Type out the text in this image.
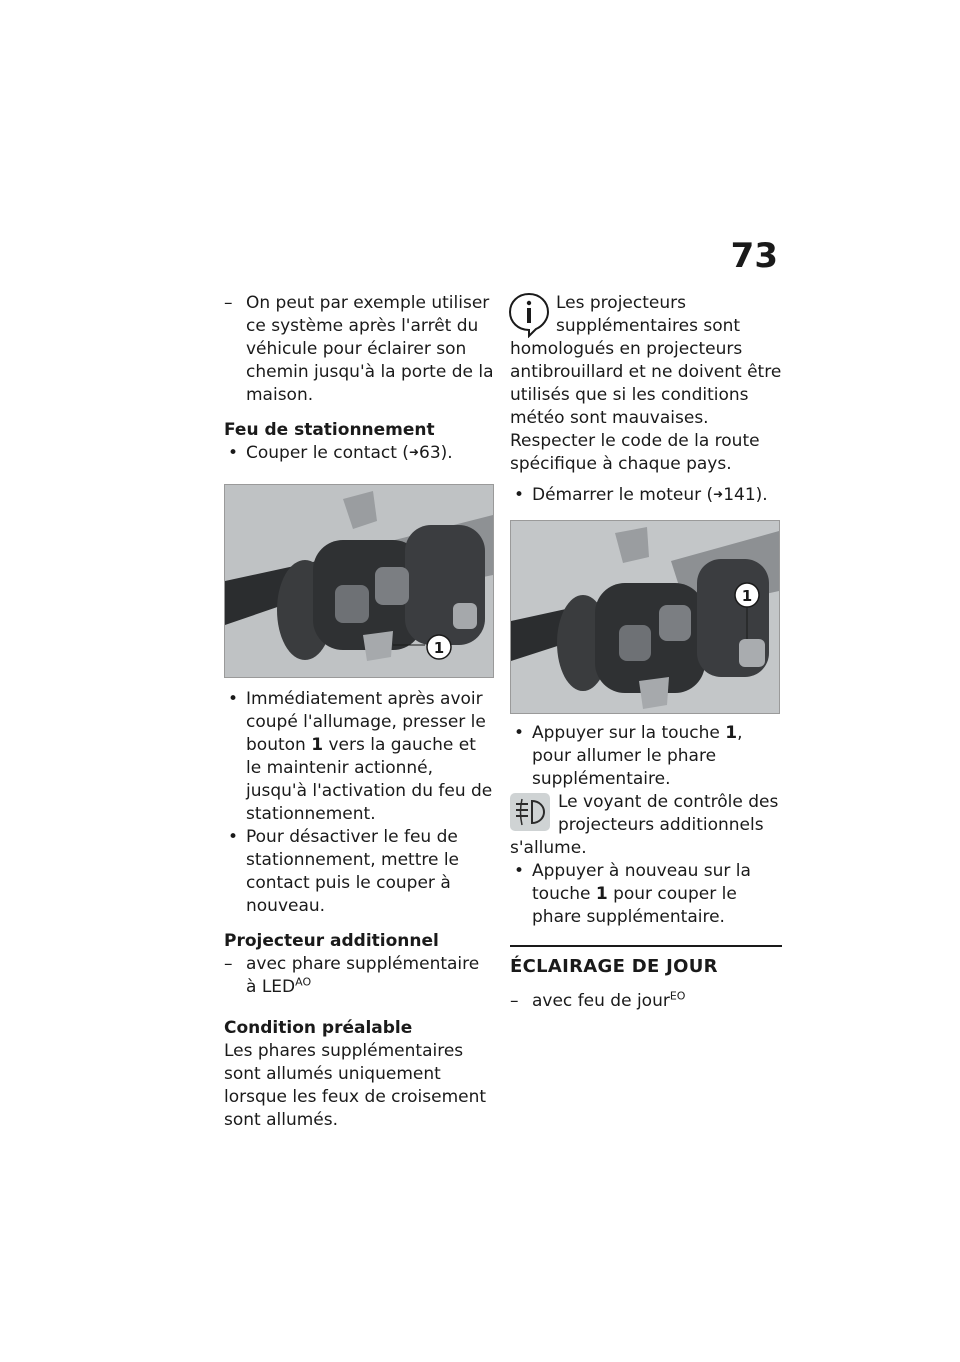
73
– On peut par exemple utiliser ce système après l'arrêt du véhicule pour éclairer son chemin jusqu'à la porte de la maison.
Feu de stationnement
• Couper le contact (➜63).
1
• Immédiatement après avoir coupé l'allumage, presser le bouton 1 vers la gauche et le maintenir actionné, jusqu'à l'activation du feu de stationnement.
• Pour désactiver le feu de stationnement, mettre le contact puis le couper à nouveau.
Projecteur additionnel
– avec phare supplémentaire à $LED^{AO}$
Condition préalable
Les phares supplémentaires sont allumés uniquement lorsque les feux de croisement sont allumés.
Les projecteurs supplémentaires sont homologués en projecteurs antibrouillard et ne doivent être utilisés que si les conditions météo sont mauvaises. Respecter le code de la route spécifique à chaque pays.
• Démarrer le moteur (➜141).
1
• Appuyer sur la touche 1, pour allumer le phare supplémentaire.
Le voyant de contrôle des projecteurs additionnels s'allume.
• Appuyer à nouveau sur la touche 1 pour couper le phare supplémentaire.
ÉCLAIRAGE DE JOUR
– avec feu de jour$^{EO}$
